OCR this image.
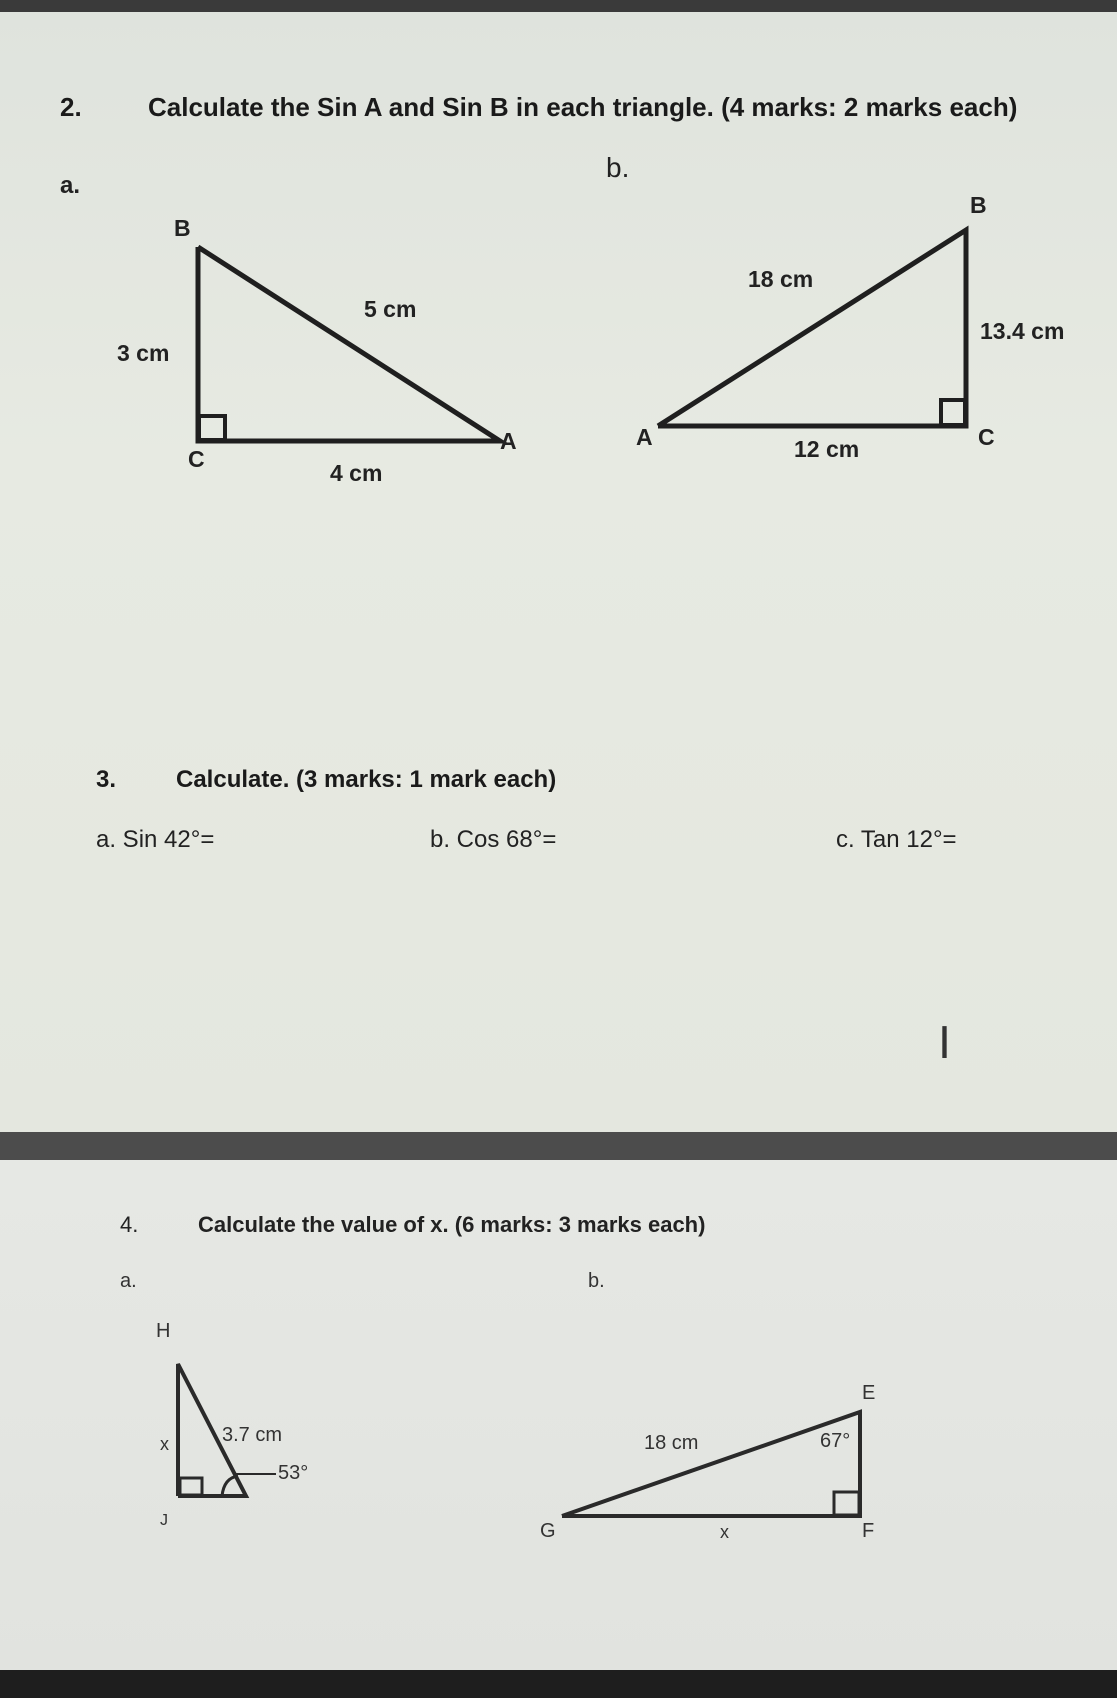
2.	Calculate the Sin A and Sin B in each triangle. (4 marks: 2 marks each)
a.
b.
B
C
A
5 cm
3 cm
4 cm
B
C
A
18 cm
13.4 cm
12 cm
3. Calculate. (3 marks: 1 mark each)
a. Sin 42°=	b. Cos 68°=	c. Tan 12°=
I
4.	Calculate the value of x. (6 marks: 3 marks each)
a.	b.
H
J
x	3.7 cm
53°
E
G	F
18 cm
x
67°
